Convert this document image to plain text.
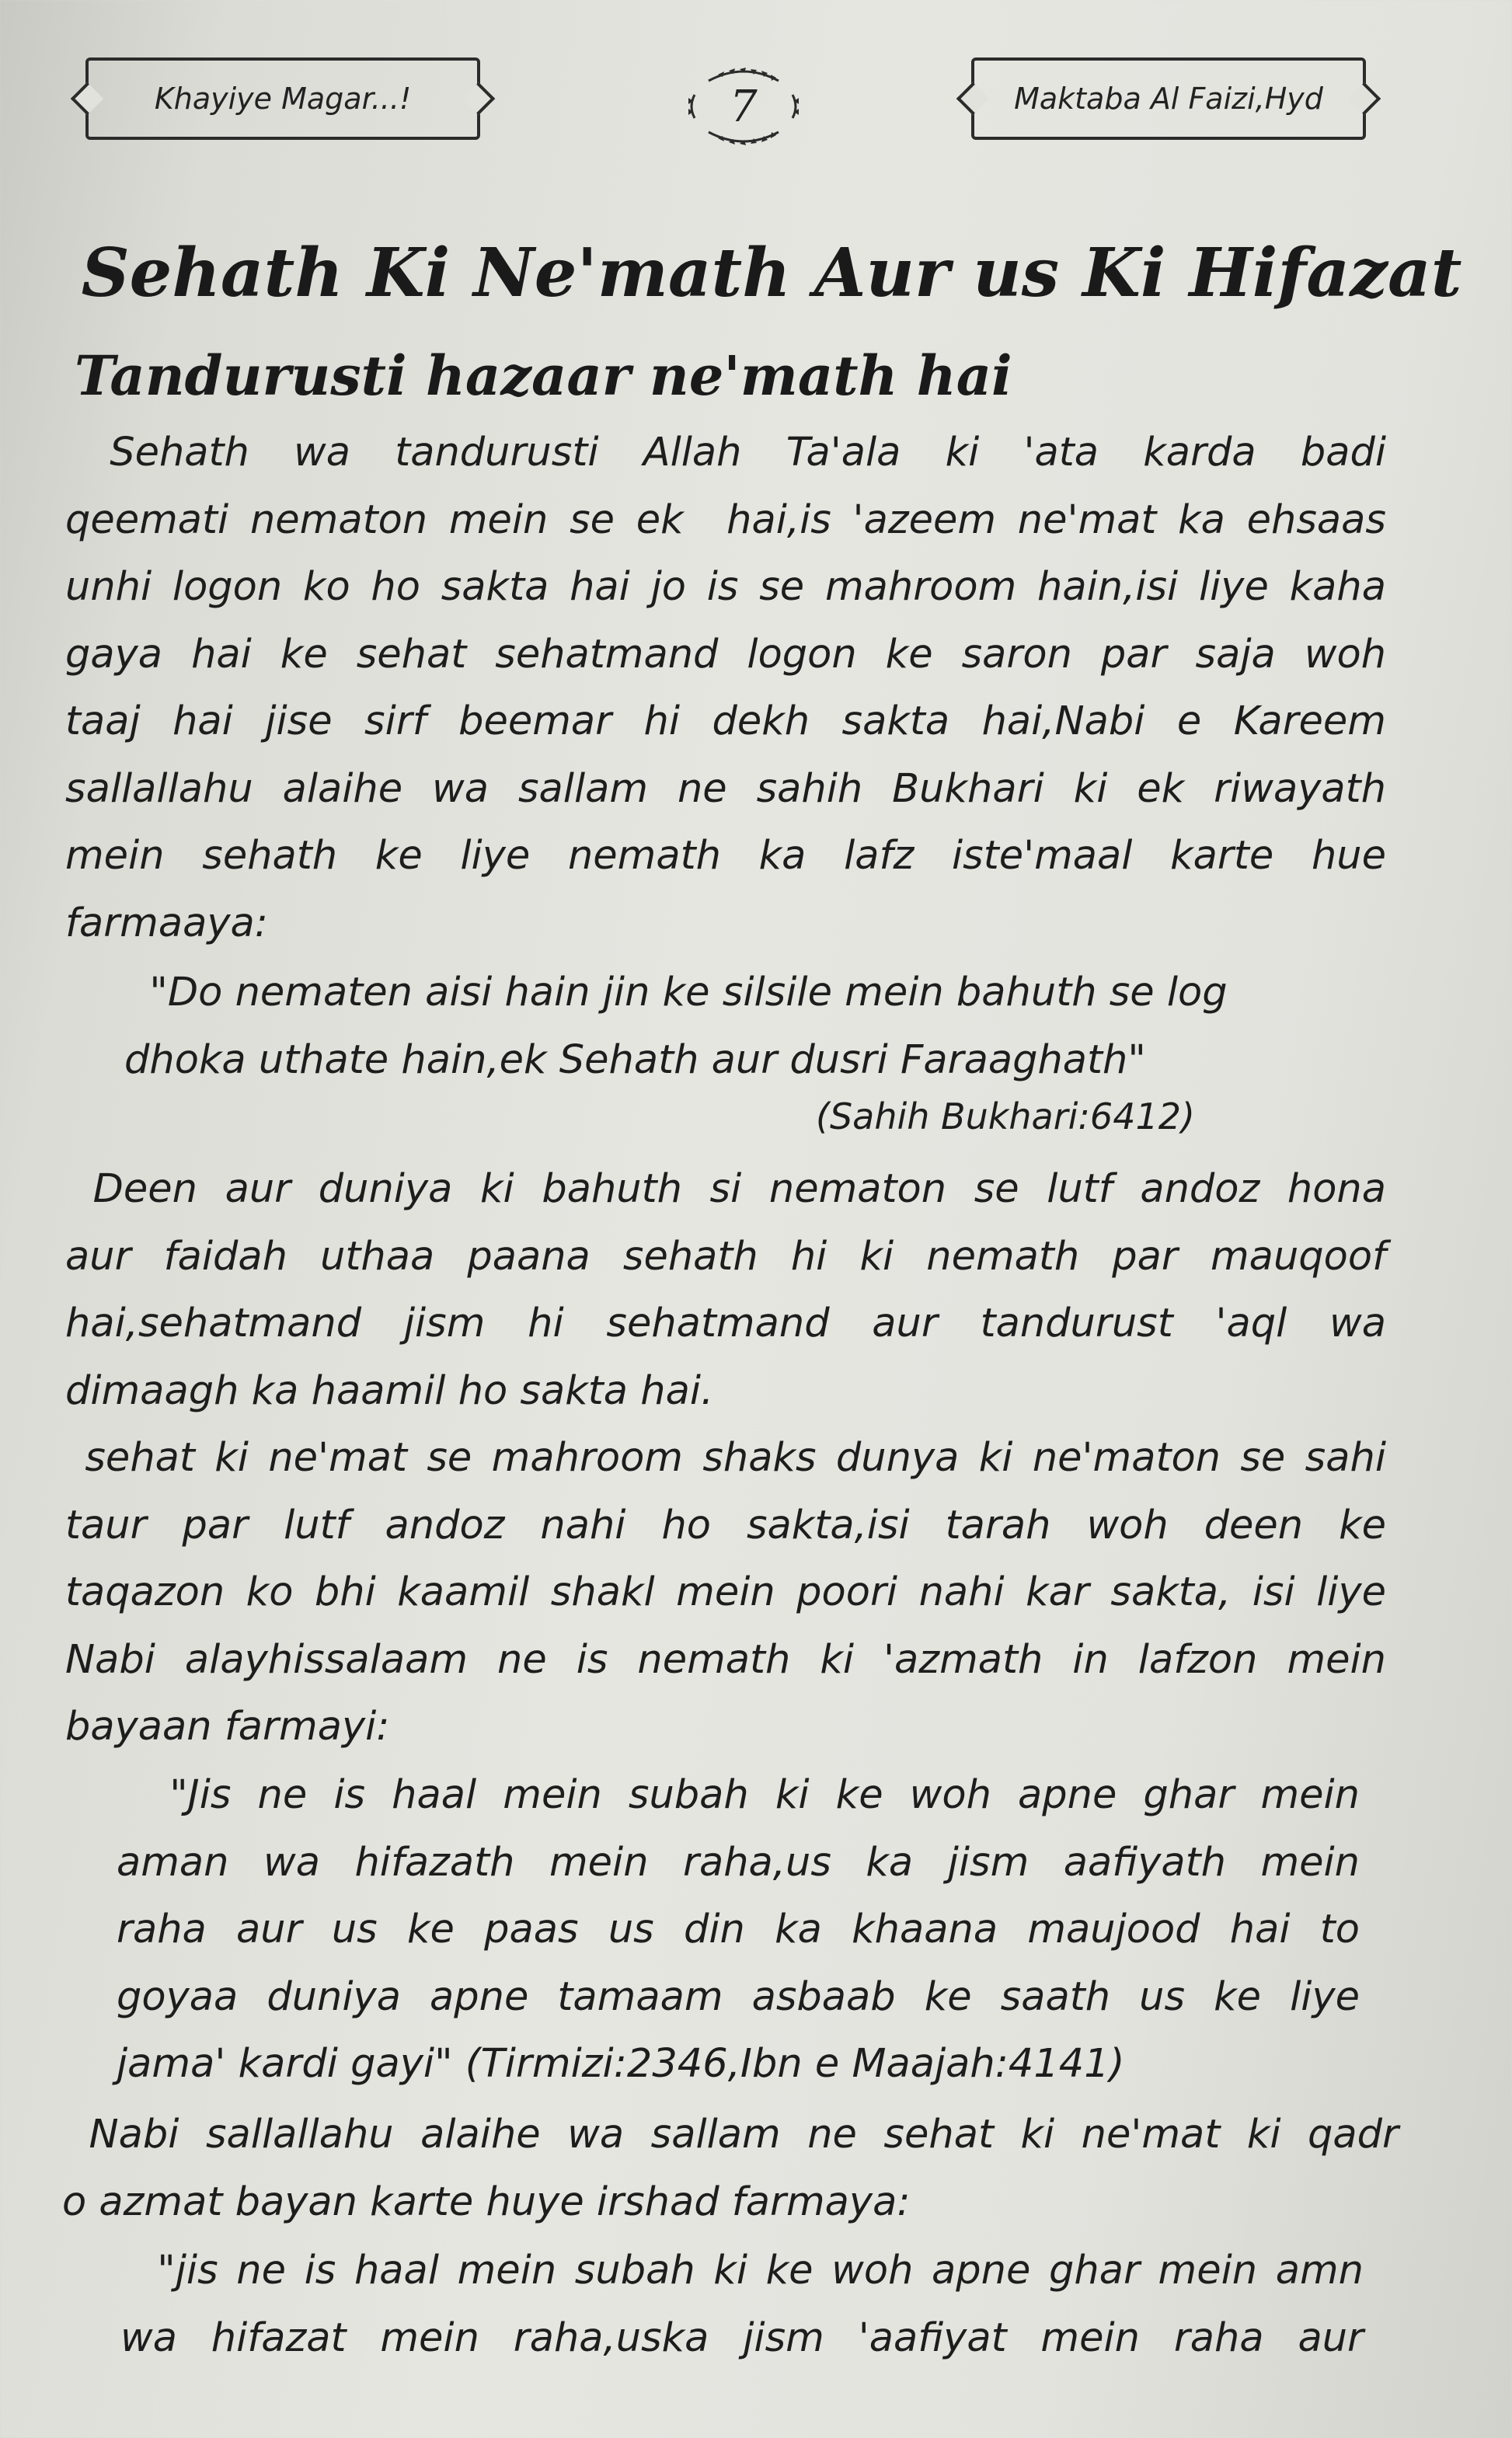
Khayiye Magar...!	7	Maktaba Al Faizi,Hyd
Sehath Ki Ne'math Aur us Ki Hifazat
Tandurusti hazaar ne'math hai
Sehath wa tandurusti Allah Ta'ala ki 'ata karda badi
qeemati nematon mein se ek  hai,is 'azeem ne'mat ka ehsaas
unhi logon ko ho sakta hai jo is se mahroom hain,isi liye kaha
gaya hai ke sehat sehatmand logon ke saron par saja woh
taaj hai jise sirf beemar hi dekh sakta hai,Nabi e Kareem
sallallahu alaihe wa sallam ne sahih Bukhari ki ek riwayath
mein sehath ke liye nemath ka lafz iste'maal karte hue
farmaaya:
"Do nematen aisi hain jin ke silsile mein bahuth se log
dhoka uthate hain,ek Sehath aur dusri Faraaghath"
(Sahih Bukhari:6412)
Deen aur duniya ki bahuth si nematon se lutf andoz hona
aur faidah uthaa paana sehath hi ki nemath par mauqoof
hai,sehatmand jism hi sehatmand aur tandurust 'aql wa
dimaagh ka haamil ho sakta hai.
sehat ki ne'mat se mahroom shaks dunya ki ne'maton se sahi
taur par lutf andoz nahi ho sakta,isi tarah woh deen ke
taqazon ko bhi kaamil shakl mein poori nahi kar sakta, isi liye
Nabi alayhissalaam ne is nemath ki 'azmath in lafzon mein
bayaan farmayi:
"Jis ne is haal mein subah ki ke woh apne ghar mein
aman wa hifazath mein raha,us ka jism aafiyath mein
raha aur us ke paas us din ka khaana maujood hai to
goyaa duniya apne tamaam asbaab ke saath us ke liye
jama' kardi gayi" (Tirmizi:2346,Ibn e Maajah:4141)
Nabi sallallahu alaihe wa sallam ne sehat ki ne'mat ki qadr
o azmat bayan karte huye irshad farmaya:
"jis ne is haal mein subah ki ke woh apne ghar mein amn
wa hifazat mein raha,uska jism 'aafiyat mein raha aur
